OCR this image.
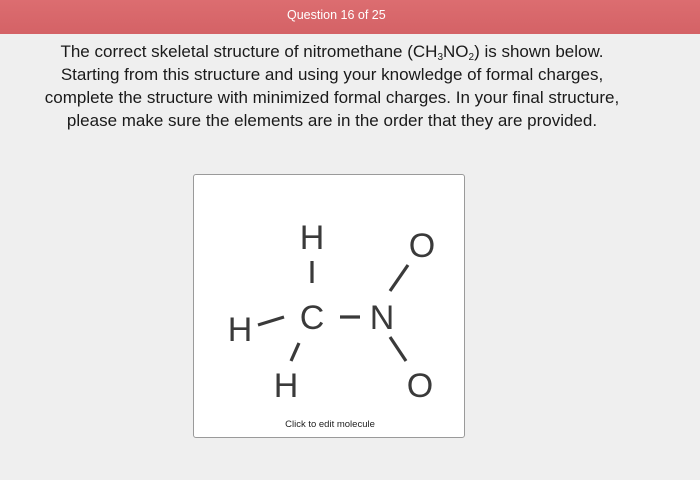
Question 16 of 25
The correct skeletal structure of nitromethane $(CH_3NO_2)$ is shown below. Starting from this structure and using your knowledge of formal charges, complete the structure with minimized formal charges. In your final structure, please make sure the elements are in the order that they are provided.
H O
C N
H
H	O
Click to edit molecule
